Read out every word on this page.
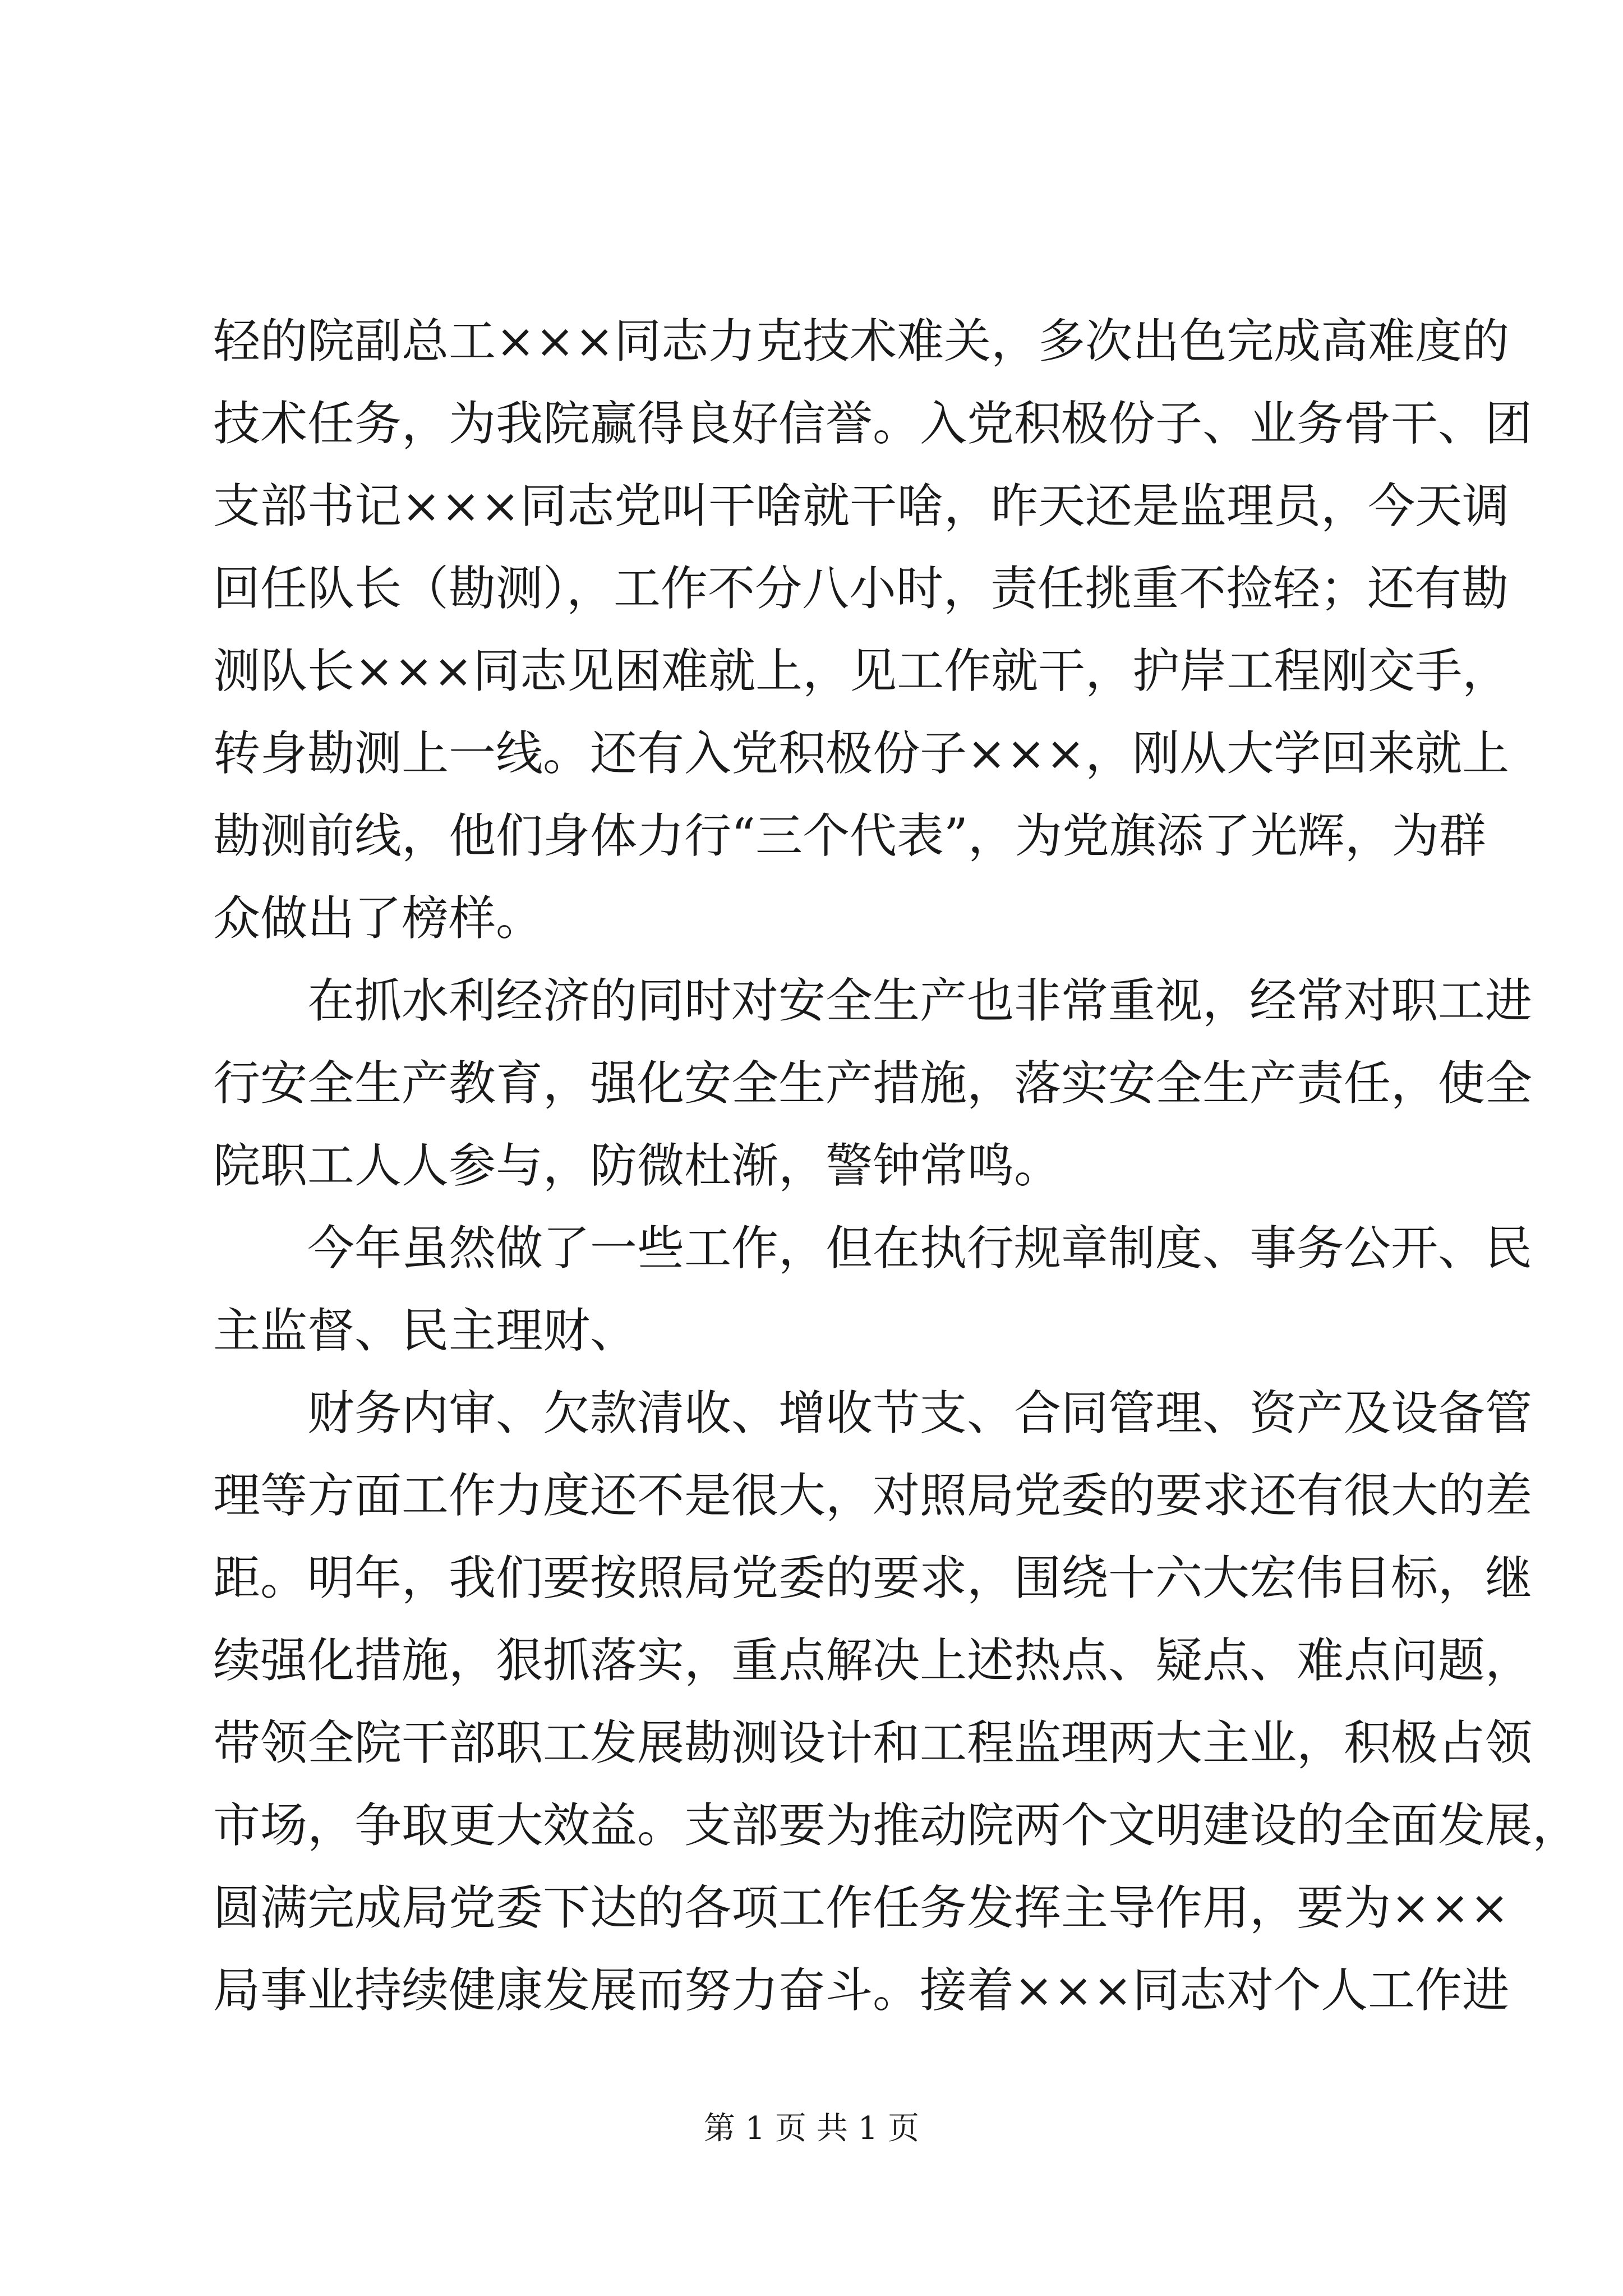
轻的院副总工×××同志力克技术难关，多次出色完成高难度的
技术任务，为我院赢得良好信誉。入党积极份子、业务骨干、团
支部书记×××同志党叫干啥就干啥，昨天还是监理员，今天调
回任队长（勘测），工作不分八小时，责任挑重不捡轻；还有勘
测队长×××同志见困难就上，见工作就干，护岸工程刚交手，
转身勘测上一线。还有入党积极份子×××，刚从大学回来就上
勘测前线，他们身体力行“三个代表”，为党旗添了光辉，为群
众做出了榜样。
在抓水利经济的同时对安全生产也非常重视，经常对职工进
行安全生产教育，强化安全生产措施，落实安全生产责任，使全
院职工人人参与，防微杜渐，警钟常鸣。
今年虽然做了一些工作，但在执行规章制度、事务公开、民
主监督、民主理财、
财务内审、欠款清收、增收节支、合同管理、资产及设备管
理等方面工作力度还不是很大，对照局党委的要求还有很大的差
距。明年，我们要按照局党委的要求，围绕十六大宏伟目标，继
续强化措施，狠抓落实，重点解决上述热点、疑点、难点问题，
带领全院干部职工发展勘测设计和工程监理两大主业，积极占领
市场，争取更大效益。支部要为推动院两个文明建设的全面发展，
圆满完成局党委下达的各项工作任务发挥主导作用，要为×××
局事业持续健康发展而努力奋斗。接着×××同志对个人工作进
第 1 页 共 1 页
